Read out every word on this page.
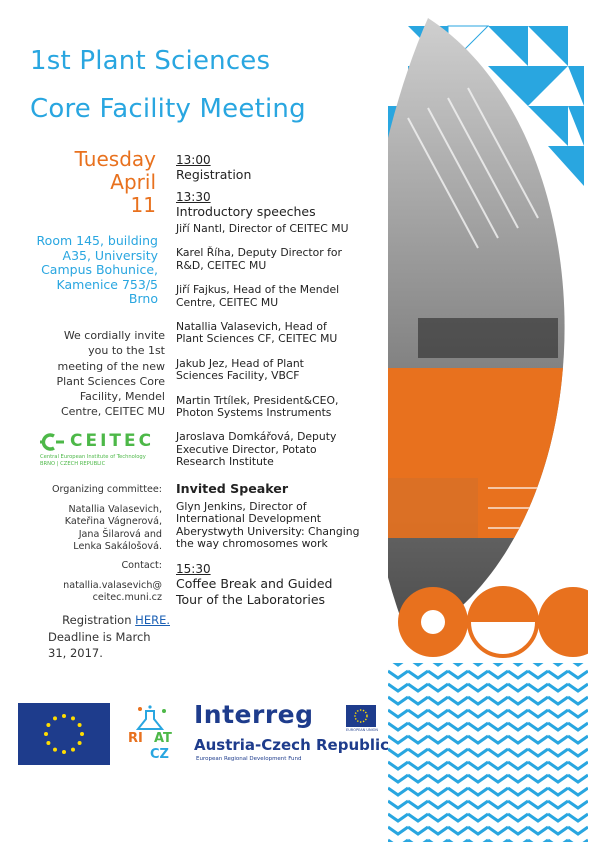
1st Plant Sciences
Core Facility Meeting
Tuesday
April
11
Room 145, building
A35, University
Campus Bohunice,
Kamenice 753/5
Brno
We cordially invite
you to the 1st
meeting of the new
Plant Sciences Core
Facility, Mendel
Centre, CEITEC MU
CEITEC
Central European Institute of Technology
BRNO | CZECH REPUBLIC
Organizing committee:
Natallia Valasevich,
Kateřina Vágnerová,
Jana Šilarová and
Lenka Sakálošová.
Contact:
natallia.valasevich@
ceitec.muni.cz
Registration HERE.
Deadline is March
31, 2017.
13:00
Registration
13:30
Introductory speeches
Jiří Nantl, Director of CEITEC MU
Karel Říha, Deputy Director for
R&D, CEITEC MU
Jiří Fajkus, Head of the Mendel
Centre, CEITEC MU
Natallia Valasevich, Head of
Plant Sciences CF, CEITEC MU
Jakub Jez, Head of Plant
Sciences Facility, VBCF
Martin Trtílek, President&CEO,
Photon Systems Instruments
Jaroslava Domkářová, Deputy
Executive Director, Potato
Research Institute
Invited Speaker
Glyn Jenkins, Director of
International Development
Aberystwyth University: Changing
the way chromosomes work
15:30
Coffee Break and Guided
Tour of the Laboratories
RI AT
CZ
Interreg
EUROPEAN UNION
Austria-Czech Republic
European Regional Development Fund
